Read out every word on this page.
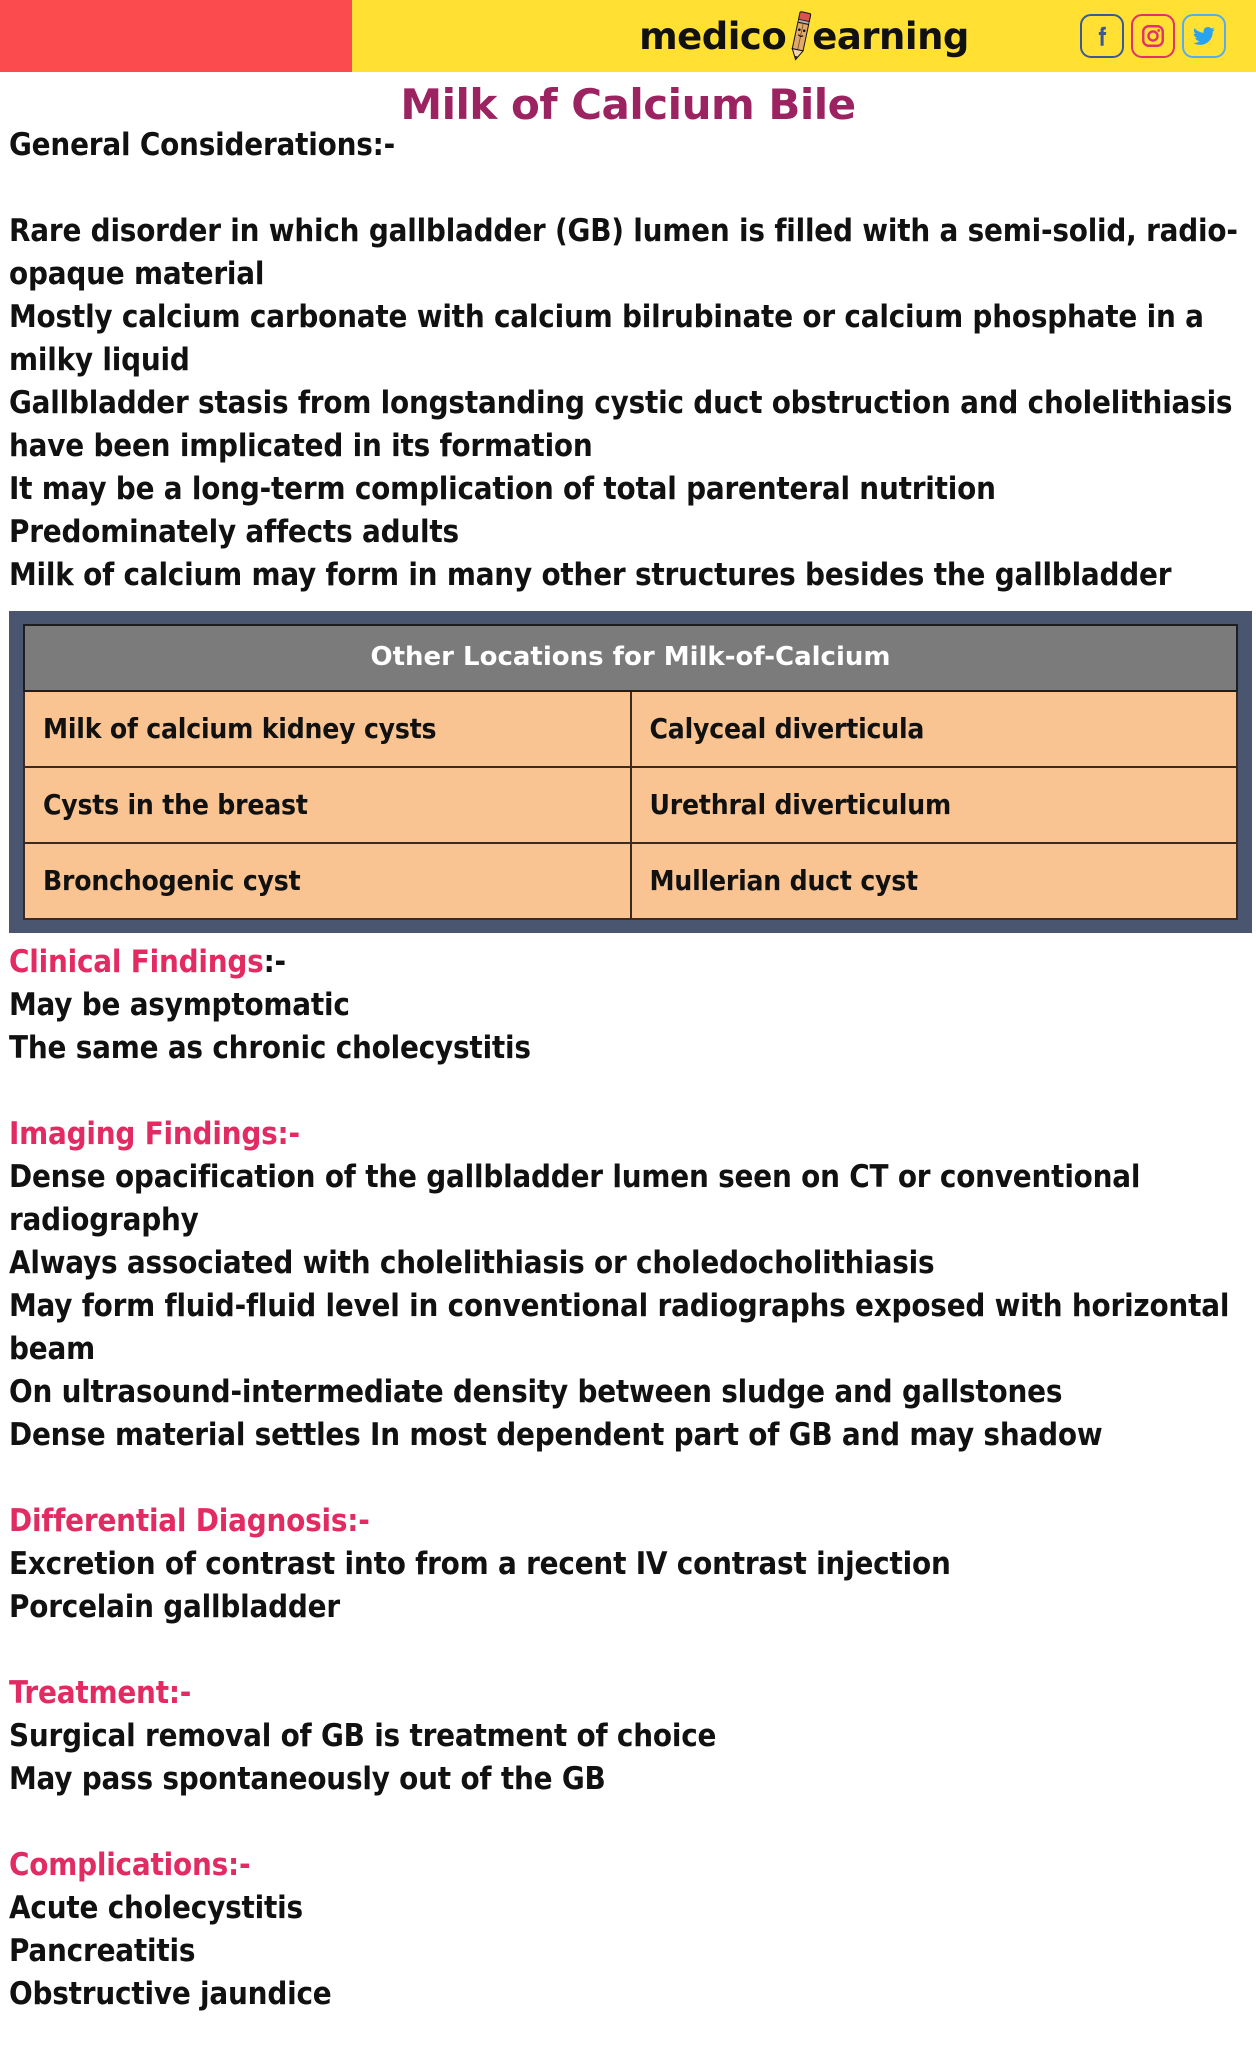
medico earning
Milk of Calcium Bile
General Considerations:-
Rare disorder in which gallbladder (GB) lumen is filled with a semi-solid, radio-opaque material
Mostly calcium carbonate with calcium bilrubinate or calcium phosphate in a milky liquid
Gallbladder stasis from longstanding cystic duct obstruction and cholelithiasis have been implicated in its formation
It may be a long-term complication of total parenteral nutrition
Predominately affects adults
Milk of calcium may form in many other structures besides the gallbladder
Other Locations for Milk-of-Calcium	
Milk of calcium kidney cysts	Calyceal diverticula
Cysts in the breast	Urethral diverticulum
Bronchogenic cyst	Mullerian duct cyst
Clinical Findings:-
May be asymptomatic
The same as chronic cholecystitis
Imaging Findings:-
Dense opacification of the gallbladder lumen seen on CT or conventional radiography
Always associated with cholelithiasis or choledocholithiasis
May form fluid-fluid level in conventional radiographs exposed with horizontal beam
On ultrasound-intermediate density between sludge and gallstones
Dense material settles In most dependent part of GB and may shadow
Differential Diagnosis:-
Excretion of contrast into from a recent IV contrast injection
Porcelain gallbladder
Treatment:-
Surgical removal of GB is treatment of choice
May pass spontaneously out of the GB
Complications:-
Acute cholecystitis
Pancreatitis
Obstructive jaundice
